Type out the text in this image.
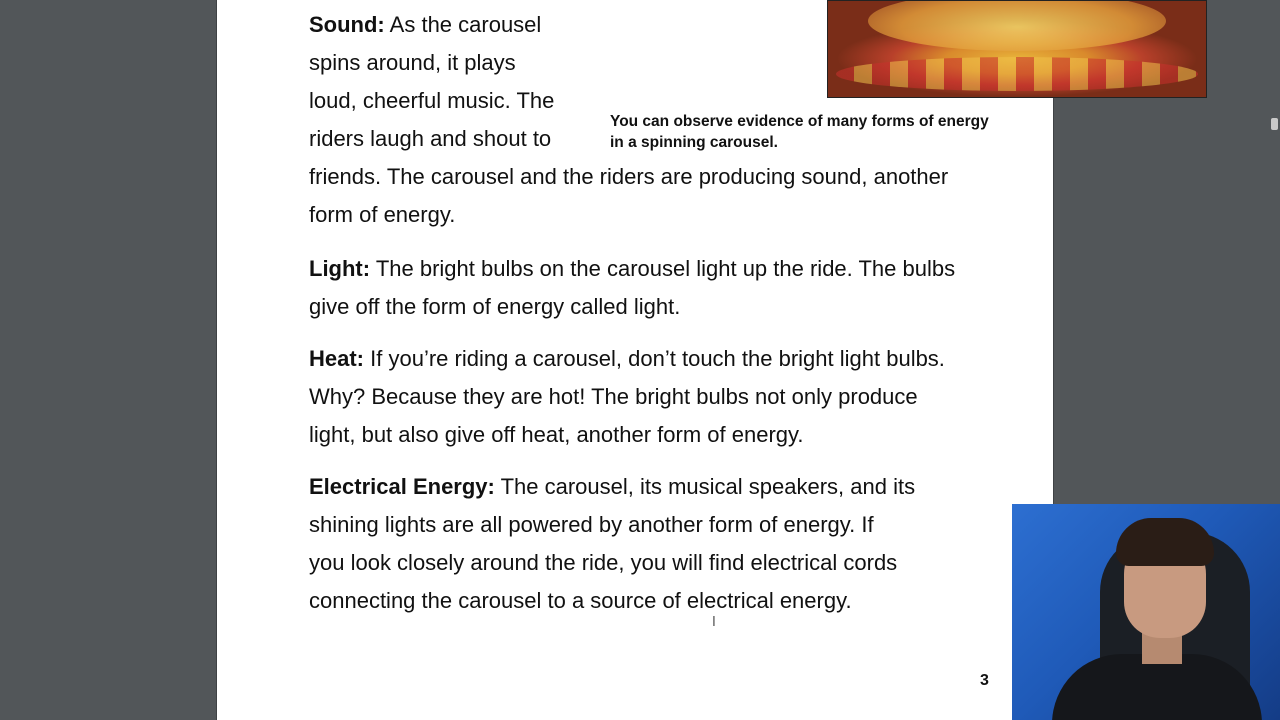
You can observe evidence of many forms of energy in a spinning carousel.

Sound: As the carousel
spins around, it plays
loud, cheerful music. The
riders laugh and shout to
friends. The carousel and the riders are producing sound, another
form of energy.

Light: The bright bulbs on the carousel light up the ride. The bulbs
give off the form of energy called light.

Heat: If you’re riding a carousel, don’t touch the bright light bulbs.
Why? Because they are hot! The bright bulbs not only produce
light, but also give off heat, another form of energy.

Electrical Energy: The carousel, its musical speakers, and its
shining lights are all powered by another form of energy. If
you look closely around the ride, you will find electrical cords
connecting the carousel to a source of electrical energy.

3
I
